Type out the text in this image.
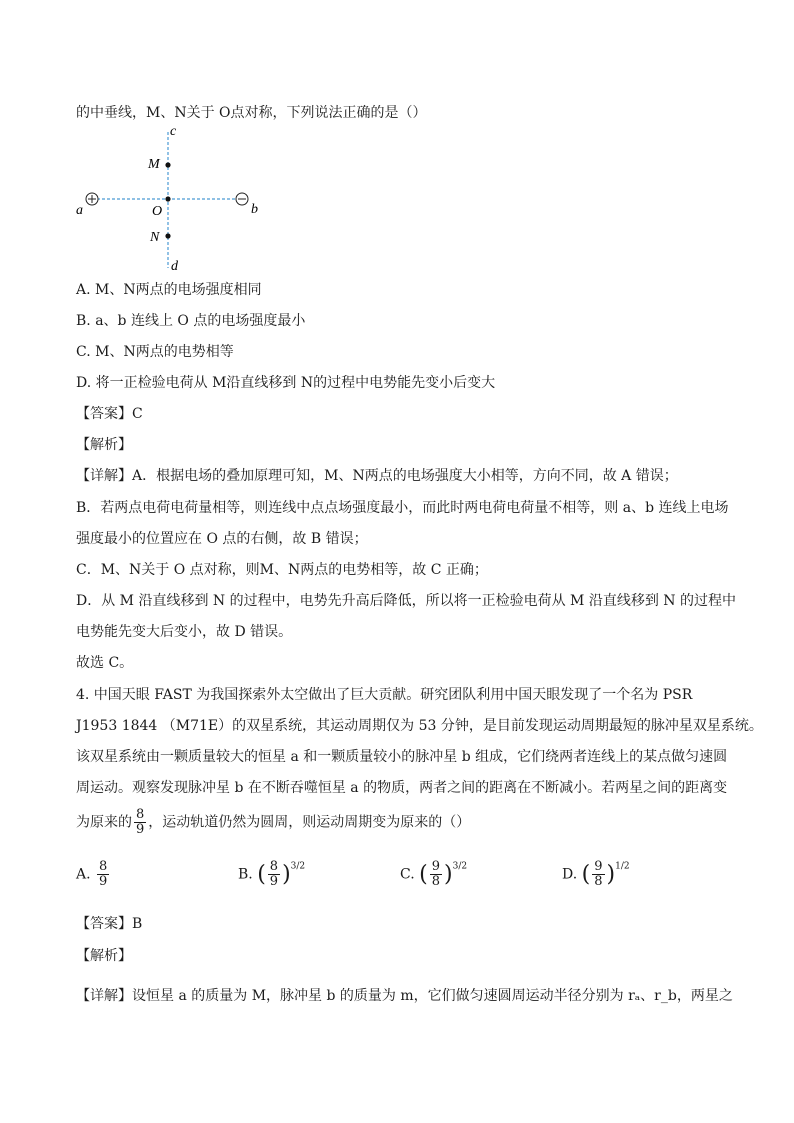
的中垂线，M、N关于 O点对称，下列说法正确的是（）
c
M
O
N
d
a	b
A. M、N两点的电场强度相同
B. a、b 连线上 O 点的电场强度最小
C. M、N两点的电势相等
D. 将一正检验电荷从 M沿直线移到 N的过程中电势能先变小后变大
【答案】C
【解析】
【详解】A．根据电场的叠加原理可知，M、N两点的电场强度大小相等，方向不同，故 A 错误；
B．若两点电荷电荷量相等，则连线中点点场强度最小，而此时两电荷电荷量不相等，则 a、b 连线上电场
强度最小的位置应在 O 点的右侧，故 B 错误；
C．M、N关于 O 点对称，则M、N两点的电势相等，故 C 正确；
D．从 M 沿直线移到 N 的过程中，电势先升高后降低，所以将一正检验电荷从 M 沿直线移到 N 的过程中
电势能先变大后变小，故 D 错误。
故选 C。
4. 中国天眼 FAST 为我国探索外太空做出了巨大贡献。研究团队利用中国天眼发现了一个名为 PSR
J1953 1844 （M71E）的双星系统，其运动周期仅为 53 分钟，是目前发现运动周期最短的脉冲星双星系统。
该双星系统由一颗质量较大的恒星 a 和一颗质量较小的脉冲星 b 组成，它们绕两者连线上的某点做匀速圆
周运动。观察发现脉冲星 b 在不断吞噬恒星 a 的物质，两者之间的距离在不断减小。若两星之间的距离变
为原来的 $\frac{8}{9}$ ，运动轨道仍然为圆周，则运动周期变为原来的（）
A. $\frac{8}{9}$	B. ( $\frac{8}{9} )^{3/2}$	C. ( $\frac{9}{8} )^{3/2}$	D. ( $\frac{9}{8} )^{1/2}$
【答案】B
【解析】
【详解】设恒星 a 的质量为 M，脉冲星 b 的质量为 m，它们做匀速圆周运动半径分别为 rₐ、r_b，两星之
